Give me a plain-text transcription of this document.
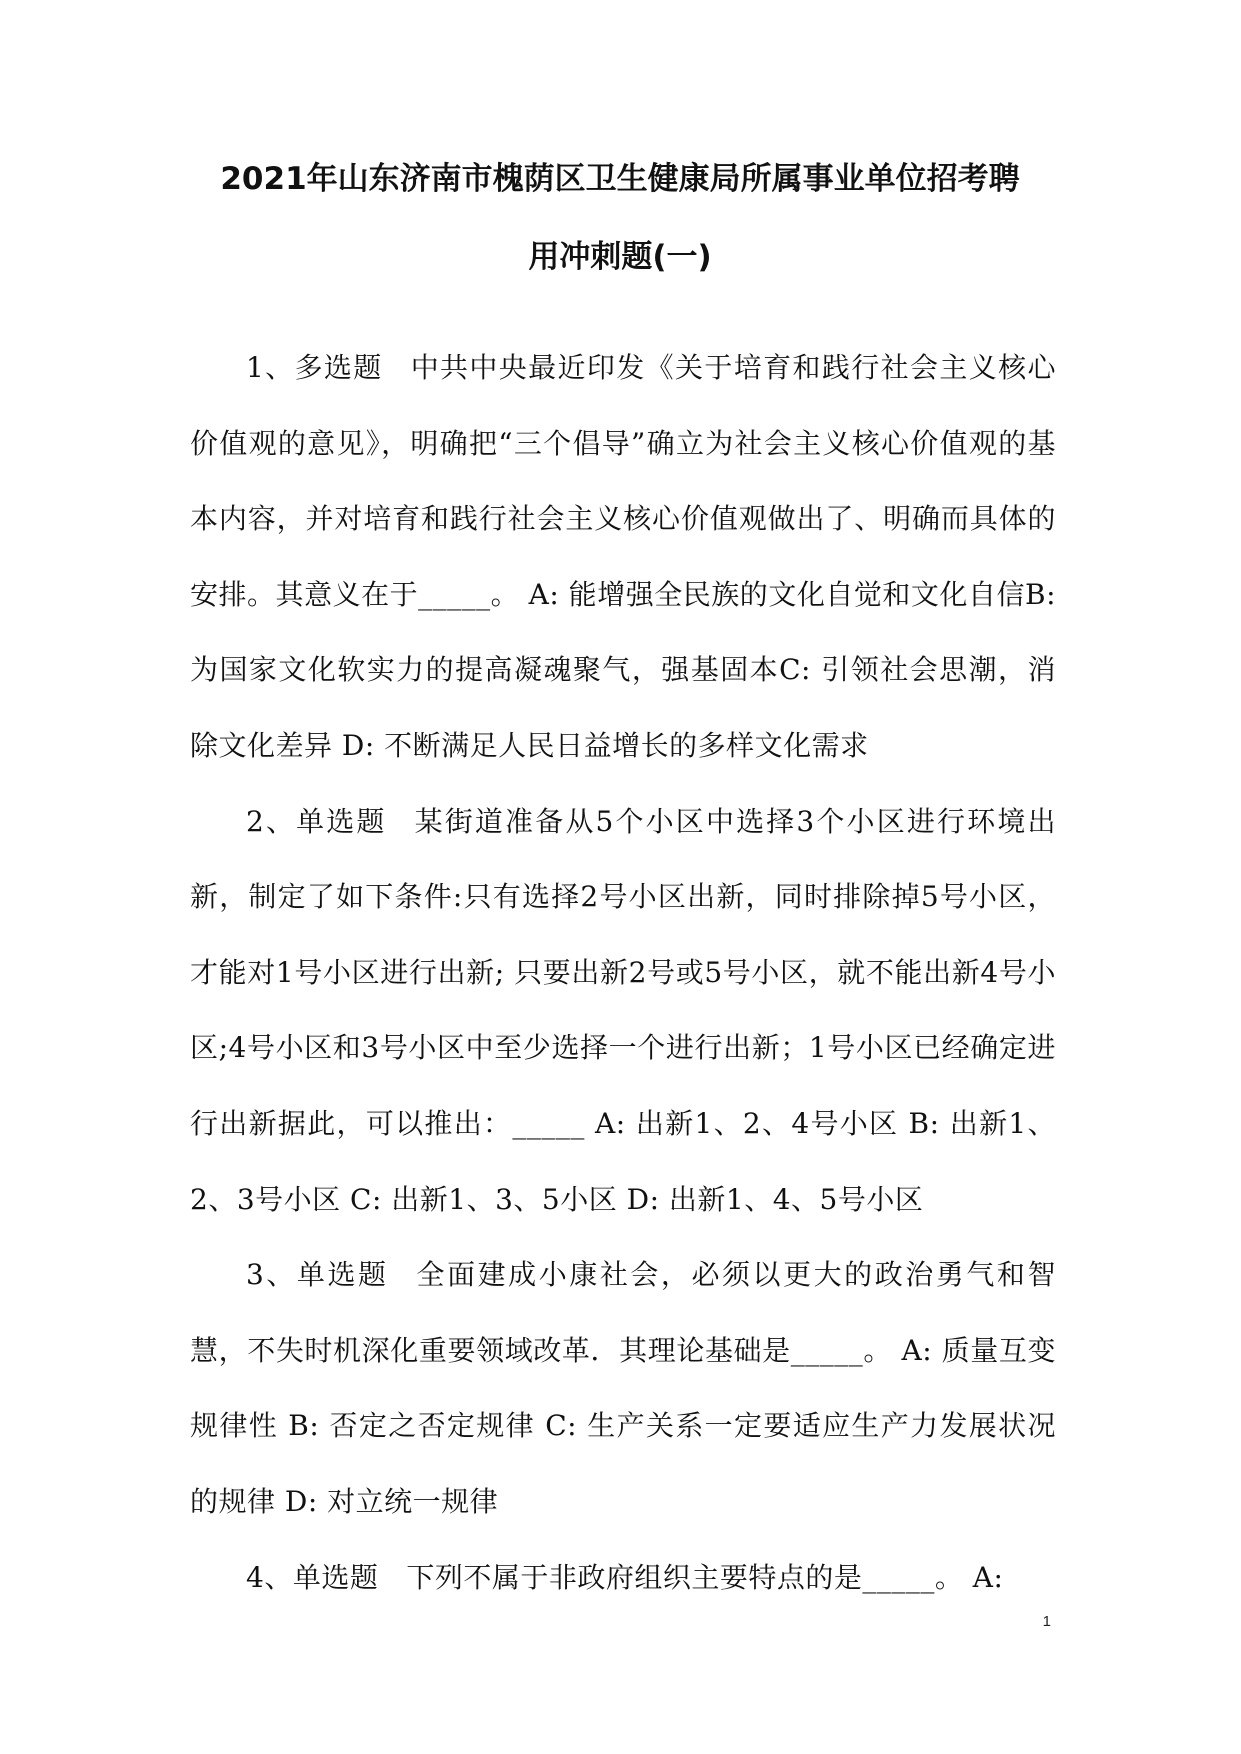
2021年山东济南市槐荫区卫生健康局所属事业单位招考聘
用冲刺题(一)

1、多选题 中共中央最近印发《关于培育和践行社会主义核心价值观的意见》，明确把“三个倡导”确立为社会主义核心价值观的基本内容，并对培育和践行社会主义核心价值观做出了、明确而具体的安排。其意义在于_____。 A: 能增强全民族的文化自觉和文化自信B: 为国家文化软实力的提高凝魂聚气，强基固本C: 引领社会思潮，消除文化差异 D: 不断满足人民日益增长的多样文化需求

2、单选题 某街道准备从5个小区中选择3个小区进行环境出新，制定了如下条件:只有选择2号小区出新，同时排除掉5号小区，才能对1号小区进行出新; 只要出新2号或5号小区，就不能出新4号小区;4号小区和3号小区中至少选择一个进行出新；1号小区已经确定进行出新据此，可以推出：_____ A: 出新1、2、4号小区 B: 出新1、2、3号小区 C: 出新1、3、5小区 D: 出新1、4、5号小区

3、单选题 全面建成小康社会，必须以更大的政治勇气和智慧，不失时机深化重要领域改革．其理论基础是_____。 A: 质量互变规律性 B: 否定之否定规律 C: 生产关系一定要适应生产力发展状况的规律 D: 对立统一规律

4、单选题 下列不属于非政府组织主要特点的是_____。 A:

1
